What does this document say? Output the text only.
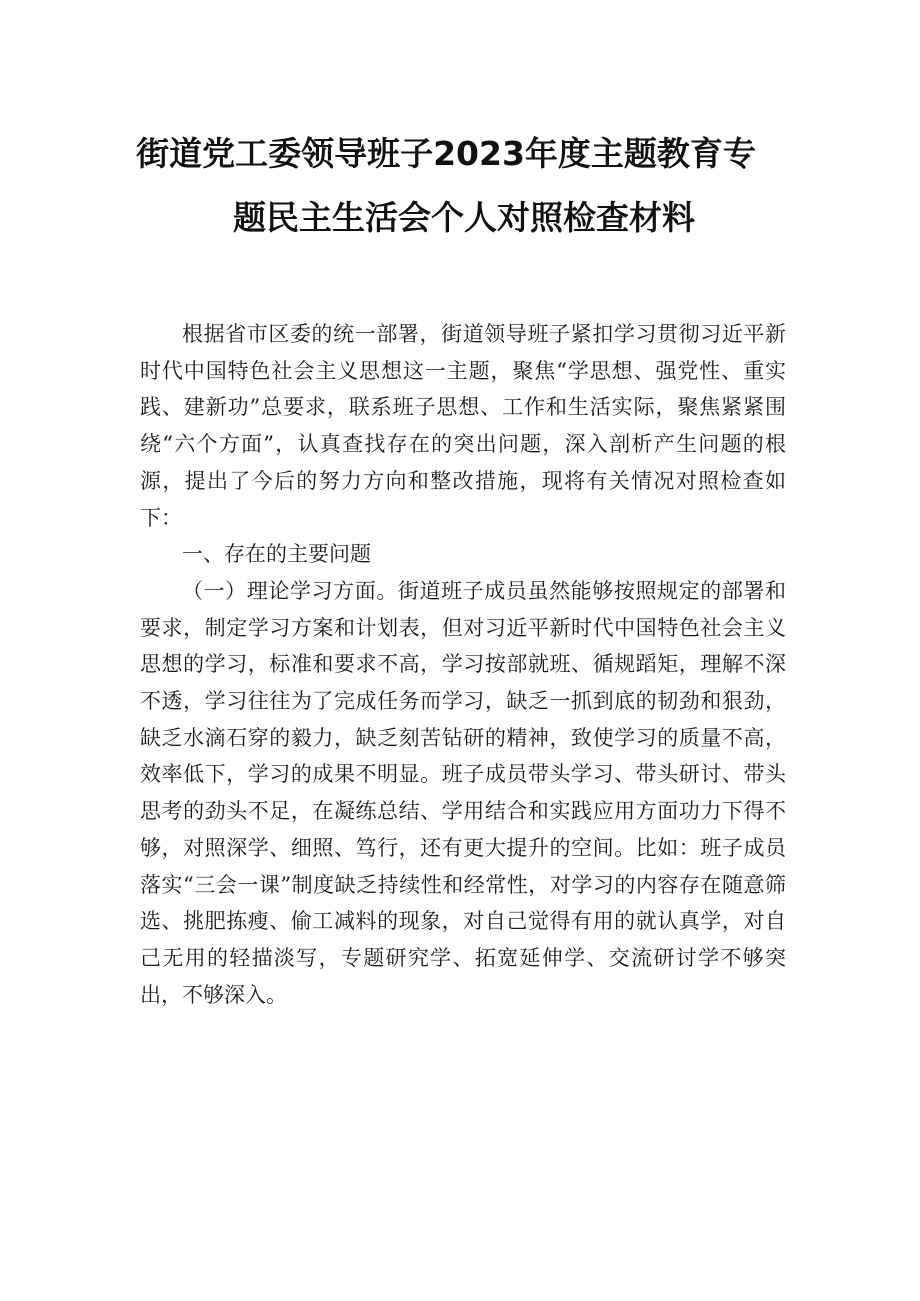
街道党工委领导班子2023年度主题教育专
题民主生活会个人对照检查材料

根据省市区委的统一部署，街道领导班子紧扣学习贯彻习近平新时代中国特色社会主义思想这一主题，聚焦“学思想、强党性、重实践、建新功”总要求，联系班子思想、工作和生活实际，聚焦紧紧围绕“六个方面”，认真查找存在的突出问题，深入剖析产生问题的根源，提出了今后的努力方向和整改措施，现将有关情况对照检查如下：

一、存在的主要问题

（一）理论学习方面。街道班子成员虽然能够按照规定的部署和要求，制定学习方案和计划表，但对习近平新时代中国特色社会主义思想的学习，标准和要求不高，学习按部就班、循规蹈矩，理解不深不透，学习往往为了完成任务而学习，缺乏一抓到底的韧劲和狠劲，缺乏水滴石穿的毅力，缺乏刻苦钻研的精神，致使学习的质量不高，效率低下，学习的成果不明显。班子成员带头学习、带头研讨、带头思考的劲头不足，在凝练总结、学用结合和实践应用方面功力下得不够，对照深学、细照、笃行，还有更大提升的空间。比如：班子成员落实“三会一课”制度缺乏持续性和经常性，对学习的内容存在随意筛选、挑肥拣瘦、偷工减料的现象，对自己觉得有用的就认真学，对自己无用的轻描淡写，专题研究学、拓宽延伸学、交流研讨学不够突出，不够深入。
